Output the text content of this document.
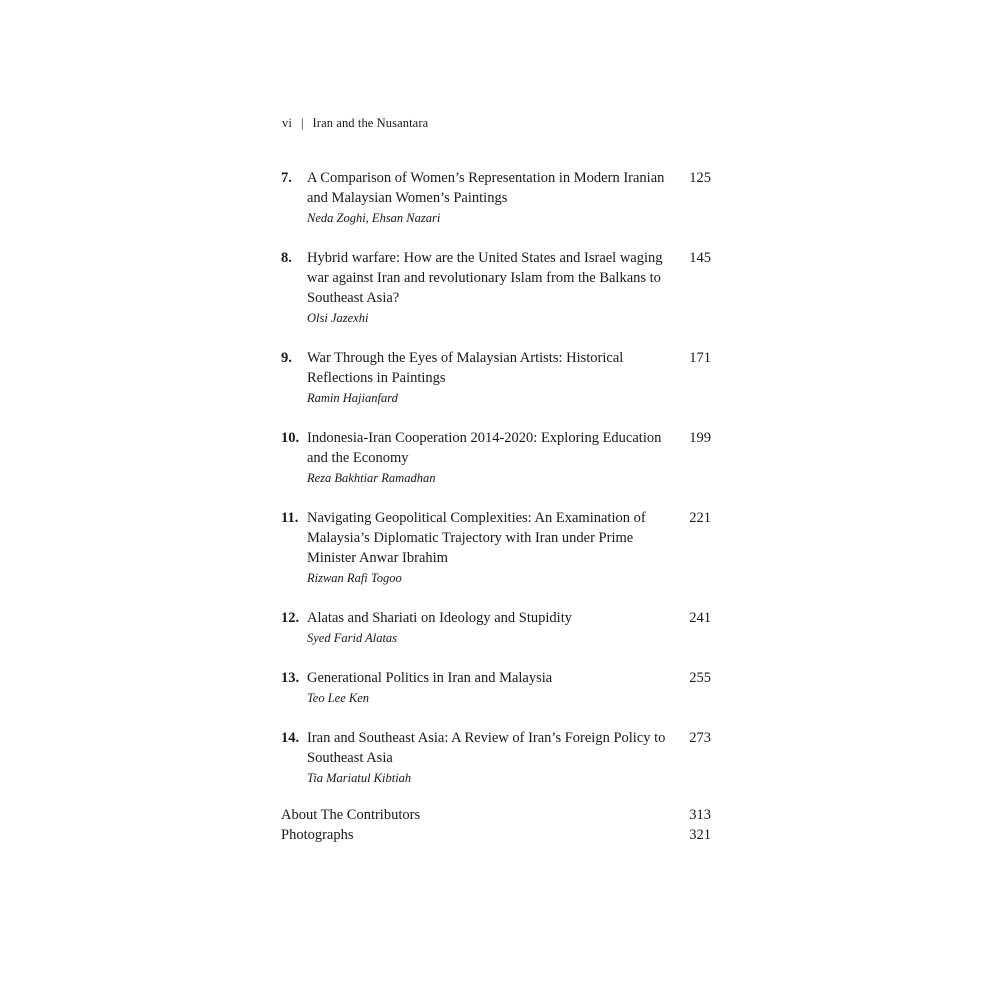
vi | Iran and the Nusantara
7. A Comparison of Women’s Representation in Modern Iranian and Malaysian Women’s Paintings
Neda Zoghi, Ehsan Nazari
125
8. Hybrid warfare: How are the United States and Israel waging war against Iran and revolutionary Islam from the Balkans to Southeast Asia?
Olsi Jazexhi
145
9. War Through the Eyes of Malaysian Artists: Historical Reflections in Paintings
Ramin Hajianfard
171
10. Indonesia-Iran Cooperation 2014-2020: Exploring Education and the Economy
Reza Bakhtiar Ramadhan
199
11. Navigating Geopolitical Complexities: An Examination of Malaysia’s Diplomatic Trajectory with Iran under Prime Minister Anwar Ibrahim
Rizwan Rafi Togoo
221
12. Alatas and Shariati on Ideology and Stupidity
Syed Farid Alatas
241
13. Generational Politics in Iran and Malaysia
Teo Lee Ken
255
14. Iran and Southeast Asia: A Review of Iran’s Foreign Policy to Southeast Asia
Tia Mariatul Kibtiah
273
About The Contributors	313
Photographs	321
